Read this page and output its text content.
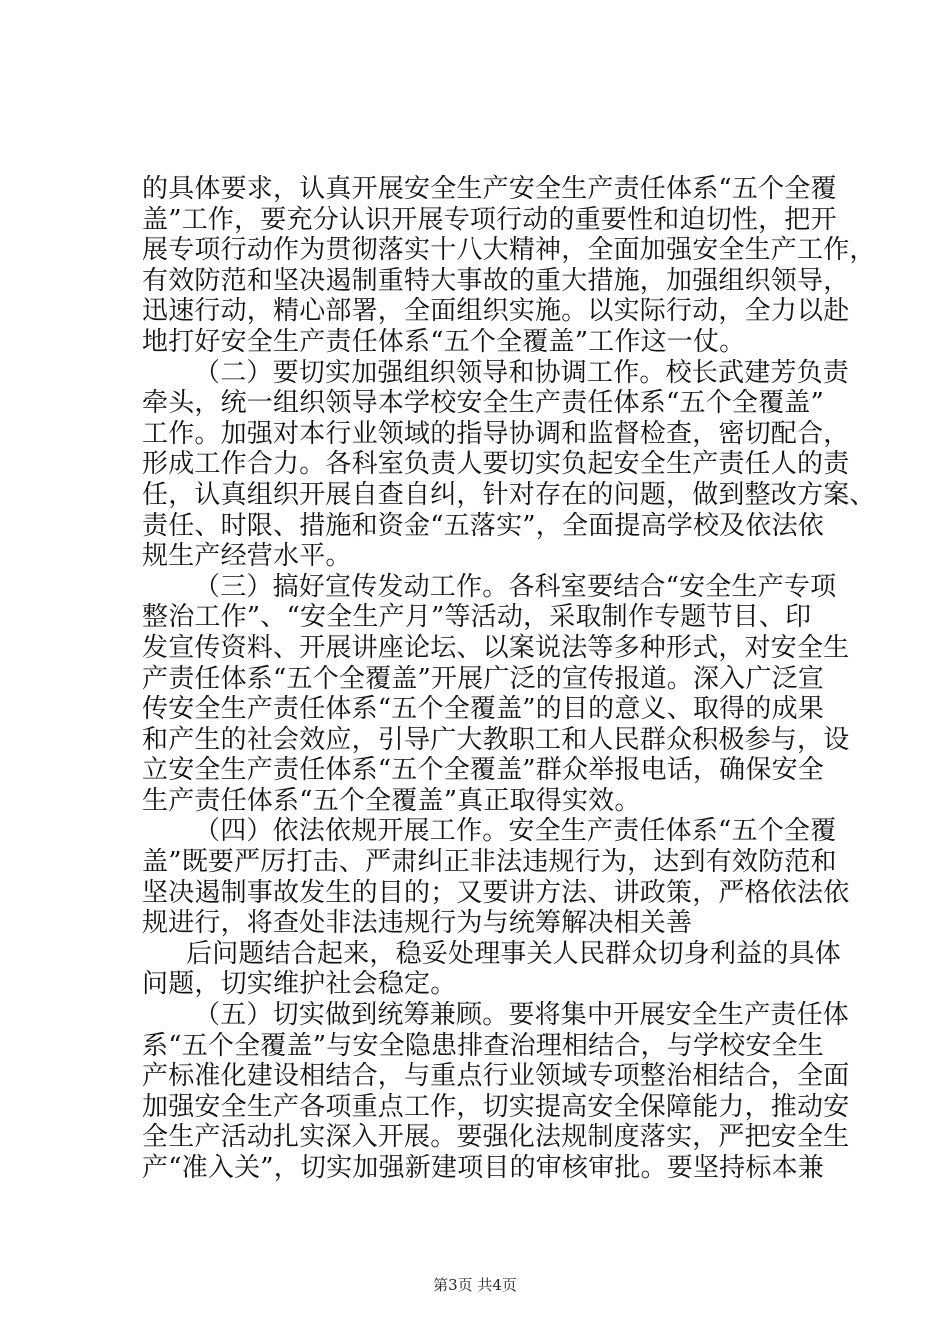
的具体要求，认真开展安全生产安全生产责任体系“五个全覆
盖”工作，要充分认识开展专项行动的重要性和迫切性，把开
展专项行动作为贯彻落实十八大精神，全面加强安全生产工作，
有效防范和坚决遏制重特大事故的重大措施，加强组织领导，
迅速行动，精心部署，全面组织实施。以实际行动，全力以赴
地打好安全生产责任体系“五个全覆盖”工作这一仗。
（二）要切实加强组织领导和协调工作。校长武建芳负责
牵头，统一组织领导本学校安全生产责任体系“五个全覆盖”
工作。加强对本行业领域的指导协调和监督检查，密切配合，
形成工作合力。各科室负责人要切实负起安全生产责任人的责
任，认真组织开展自查自纠，针对存在的问题，做到整改方案、
责任、时限、措施和资金“五落实”，全面提高学校及依法依
规生产经营水平。
（三）搞好宣传发动工作。各科室要结合“安全生产专项
整治工作”、“安全生产月”等活动，采取制作专题节目、印
发宣传资料、开展讲座论坛、以案说法等多种形式，对安全生
产责任体系“五个全覆盖”开展广泛的宣传报道。深入广泛宣
传安全生产责任体系“五个全覆盖”的目的意义、取得的成果
和产生的社会效应，引导广大教职工和人民群众积极参与，设
立安全生产责任体系“五个全覆盖”群众举报电话，确保安全
生产责任体系“五个全覆盖”真正取得实效。
（四）依法依规开展工作。安全生产责任体系“五个全覆
盖”既要严厉打击、严肃纠正非法违规行为，达到有效防范和
坚决遏制事故发生的目的；又要讲方法、讲政策，严格依法依
规进行，将查处非法违规行为与统筹解决相关善
后问题结合起来，稳妥处理事关人民群众切身利益的具体
问题，切实维护社会稳定。
（五）切实做到统筹兼顾。要将集中开展安全生产责任体
系“五个全覆盖”与安全隐患排查治理相结合，与学校安全生
产标准化建设相结合，与重点行业领域专项整治相结合，全面
加强安全生产各项重点工作，切实提高安全保障能力，推动安
全生产活动扎实深入开展。要强化法规制度落实，严把安全生
产“准入关”，切实加强新建项目的审核审批。要坚持标本兼
第3页 共4页
